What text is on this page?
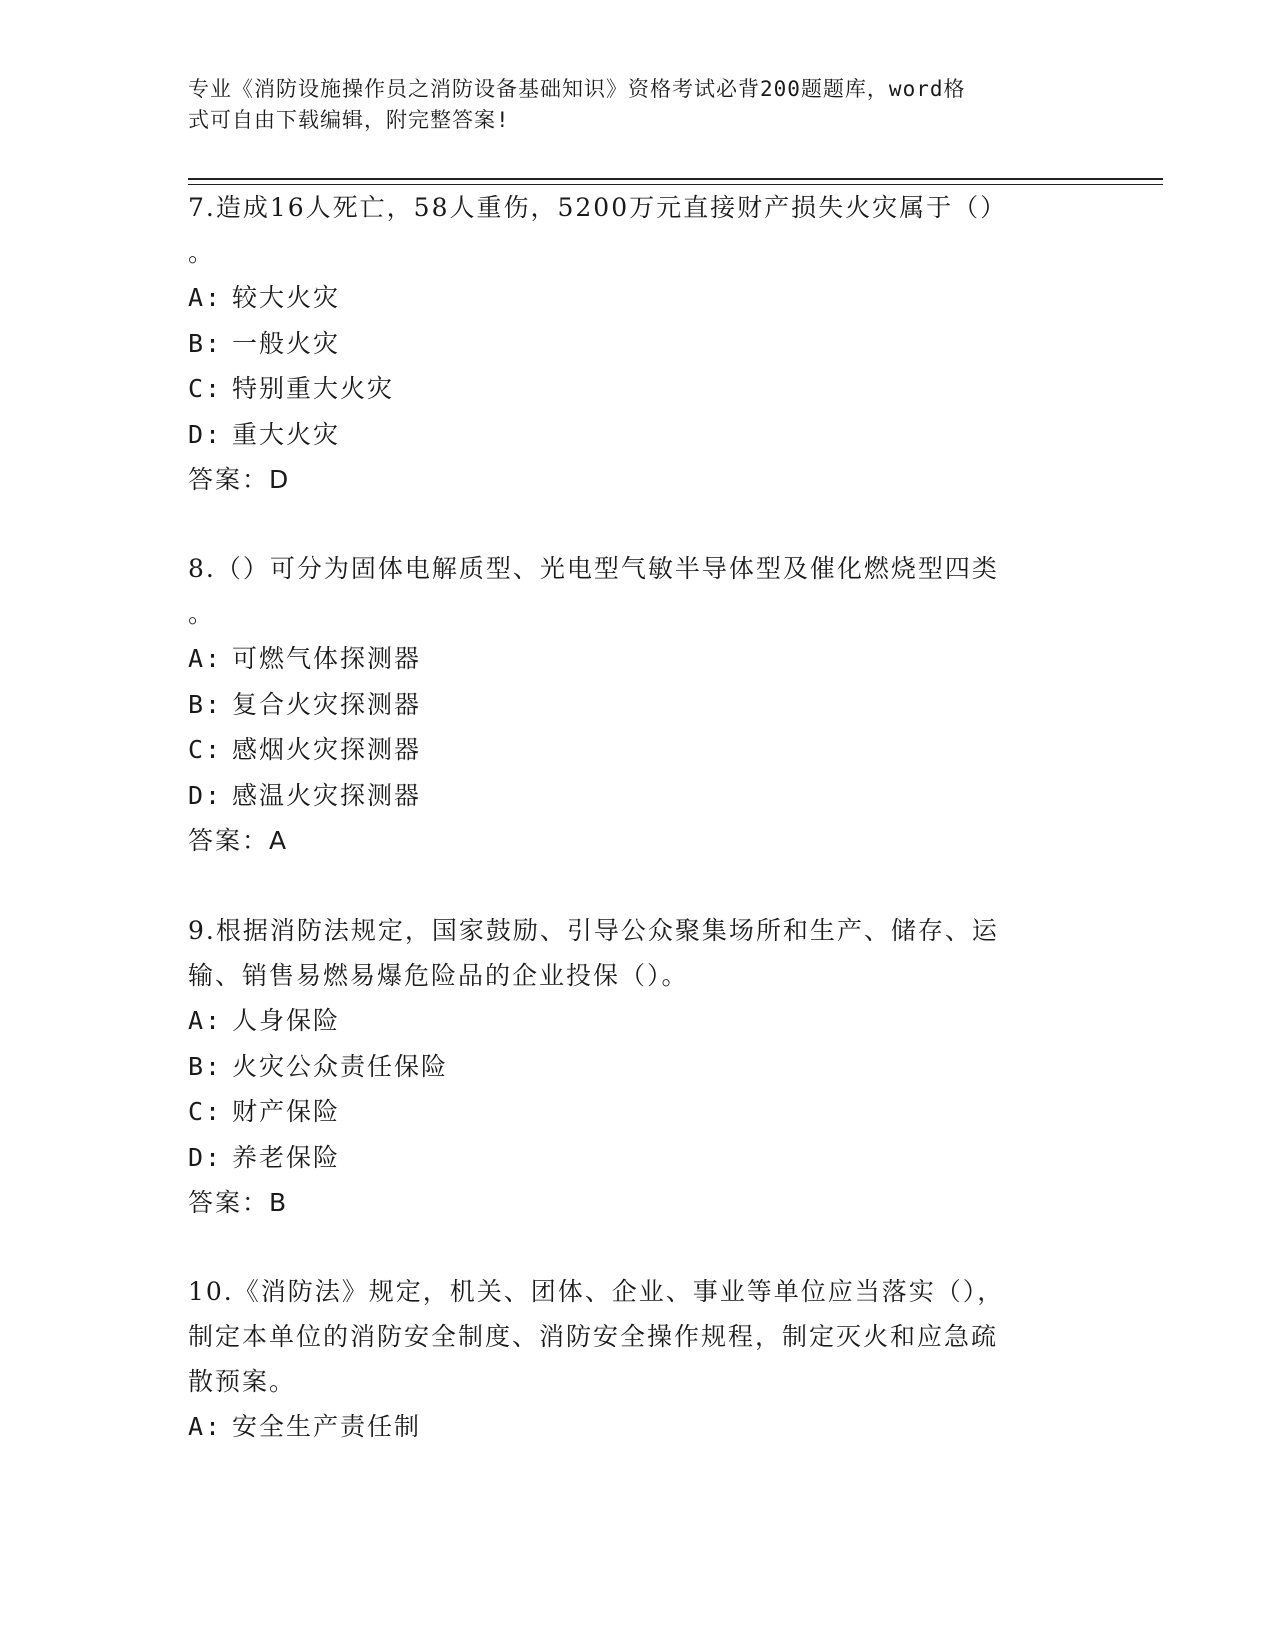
专业《消防设施操作员之消防设备基础知识》资格考试必背200题题库，word格
式可自由下载编辑，附完整答案!
7.造成16人死亡，58人重伤，5200万元直接财产损失火灾属于（）
。
A: 较大火灾
B: 一般火灾
C: 特别重大火灾
D: 重大火灾
答案：D
8.（）可分为固体电解质型、光电型气敏半导体型及催化燃烧型四类
。
A: 可燃气体探测器
B: 复合火灾探测器
C: 感烟火灾探测器
D: 感温火灾探测器
答案：A
9.根据消防法规定，国家鼓励、引导公众聚集场所和生产、储存、运
输、销售易燃易爆危险品的企业投保（）。
A: 人身保险
B: 火灾公众责任保险
C: 财产保险
D: 养老保险
答案：B
10.《消防法》规定，机关、团体、企业、事业等单位应当落实（），
制定本单位的消防安全制度、消防安全操作规程，制定灭火和应急疏
散预案。
A: 安全生产责任制
